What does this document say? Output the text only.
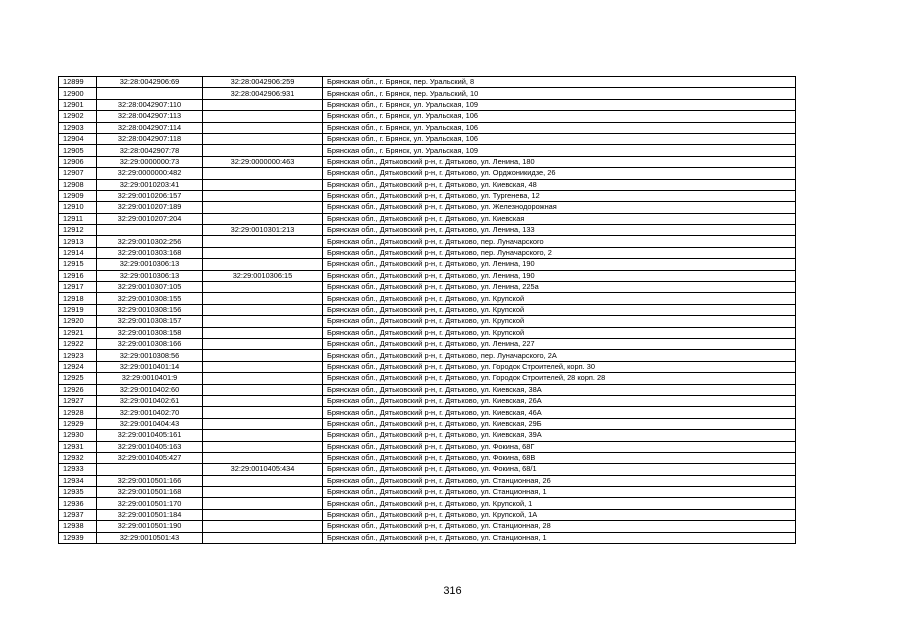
12899	32:28:0042906:69	32:28:0042906:259	Брянская обл., г. Брянск, пер. Уральский, 8
12900		32:28:0042906:931	Брянская обл., г. Брянск, пер. Уральский, 10
12901	32:28:0042907:110		Брянская обл., г. Брянск, ул. Уральская, 109
12902	32:28:0042907:113		Брянская обл., г. Брянск, ул. Уральская, 106
12903	32:28:0042907:114		Брянская обл., г. Брянск, ул. Уральская, 106
12904	32:28:0042907:118		Брянская обл., г. Брянск, ул. Уральская, 106
12905	32:28:0042907:78		Брянская обл., г. Брянск, ул. Уральская, 109
12906	32:29:0000000:73	32:29:0000000:463	Брянская обл., Дятьковский р-н, г. Дятьково, ул. Ленина, 180
12907	32:29:0000000:482		Брянская обл., Дятьковский р-н, г. Дятьково, ул. Орджоникидзе, 26
12908	32:29:0010203:41		Брянская обл., Дятьковский р-н, г. Дятьково, ул. Киевская, 48
12909	32:29:0010206:157		Брянская обл., Дятьковский р-н, г. Дятьково, ул. Тургенева, 12
12910	32:29:0010207:189		Брянская обл., Дятьковский р-н, г. Дятьково, ул. Железнодорожная
12911	32:29:0010207:204		Брянская обл., Дятьковский р-н, г. Дятьково, ул. Киевская
12912		32:29:0010301:213	Брянская обл., Дятьковский р-н, г. Дятьково, ул. Ленина, 133
12913	32:29:0010302:256		Брянская обл., Дятьковский р-н, г. Дятьково, пер. Луначарского
12914	32:29:0010303:168		Брянская обл., Дятьковский р-н, г. Дятьково, пер. Луначарского, 2
12915	32:29:0010306:13		Брянская обл., Дятьковский р-н, г. Дятьково, ул. Ленина, 190
12916	32:29:0010306:13	32:29:0010306:15	Брянская обл., Дятьковский р-н, г. Дятьково, ул. Ленина, 190
12917	32:29:0010307:105		Брянская обл., Дятьковский р-н, г. Дятьково, ул. Ленина, 225а
12918	32:29:0010308:155		Брянская обл., Дятьковский р-н, г. Дятьково, ул. Крупской
12919	32:29:0010308:156		Брянская обл., Дятьковский р-н, г. Дятьково, ул. Крупской
12920	32:29:0010308:157		Брянская обл., Дятьковский р-н, г. Дятьково, ул. Крупской
12921	32:29:0010308:158		Брянская обл., Дятьковский р-н, г. Дятьково, ул. Крупской
12922	32:29:0010308:166		Брянская обл., Дятьковский р-н, г. Дятьково, ул. Ленина, 227
12923	32:29:0010308:56		Брянская обл., Дятьковский р-н, г. Дятьково, пер. Луначарского, 2А
12924	32:29:0010401:14		Брянская обл., Дятьковский р-н, г. Дятьково, ул. Городок Строителей, корп. 30
12925	32:29:0010401:9		Брянская обл., Дятьковский р-н, г. Дятьково, ул. Городок Строителей, 28 корп. 28
12926	32:29:0010402:60		Брянская обл., Дятьковский р-н, г. Дятьково, ул. Киевская, 38А
12927	32:29:0010402:61		Брянская обл., Дятьковский р-н, г. Дятьково, ул. Киевская, 26А
12928	32:29:0010402:70		Брянская обл., Дятьковский р-н, г. Дятьково, ул. Киевская, 46А
12929	32:29:0010404:43		Брянская обл., Дятьковский р-н, г. Дятьково, ул. Киевская, 29Б
12930	32:29:0010405:161		Брянская обл., Дятьковский р-н, г. Дятьково, ул. Киевская, 39А
12931	32:29:0010405:163		Брянская обл., Дятьковский р-н, г. Дятьково, ул. Фокина, 68Г
12932	32:29:0010405:427		Брянская обл., Дятьковский р-н, г. Дятьково, ул. Фокина, 68В
12933		32:29:0010405:434	Брянская обл., Дятьковский р-н, г. Дятьково, ул. Фокина, 68/1
12934	32:29:0010501:166		Брянская обл., Дятьковский р-н, г. Дятьково, ул. Станционная, 26
12935	32:29:0010501:168		Брянская обл., Дятьковский р-н, г. Дятьково, ул. Станционная, 1
12936	32:29:0010501:170		Брянская обл., Дятьковский р-н, г. Дятьково, ул. Крупской, 1
12937	32:29:0010501:184		Брянская обл., Дятьковский р-н, г. Дятьково, ул. Крупской, 1А
12938	32:29:0010501:190		Брянская обл., Дятьковский р-н, г. Дятьково, ул. Станционная, 28
12939	32:29:0010501:43		Брянская обл., Дятьковский р-н, г. Дятьково, ул. Станционная, 1
316
